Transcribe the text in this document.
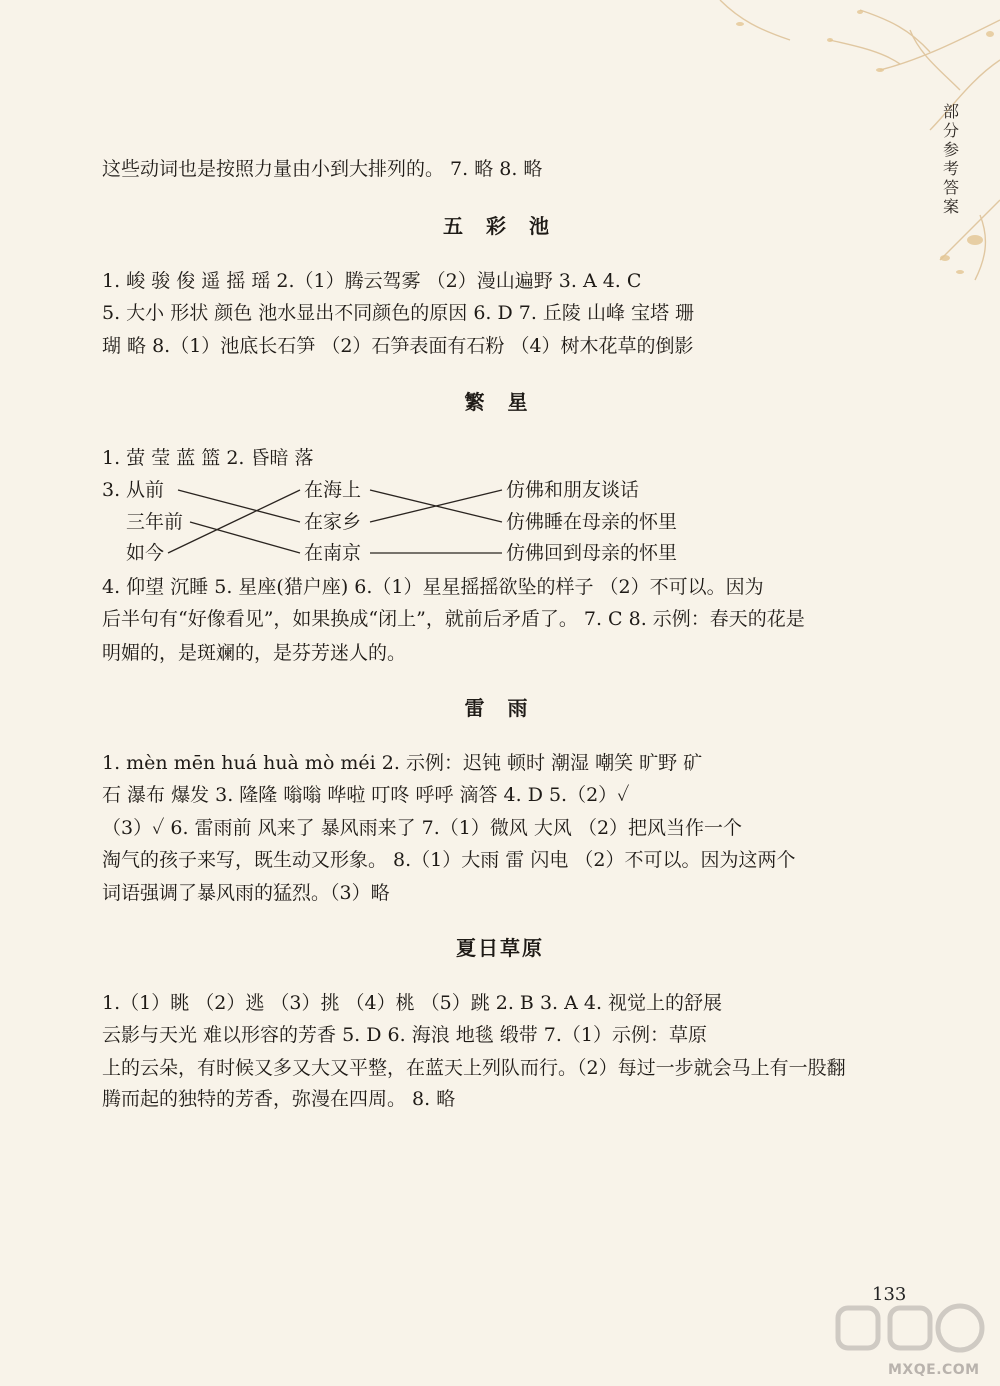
部
分
参
考
答
案
这些动词也是按照力量由小到大排列的。 7. 略 8. 略
五 彩 池
1. 峻 骏 俊 遥 摇 瑶 2.（1）腾云驾雾 （2）漫山遍野 3. A 4. C
5. 大小 形状 颜色 池水显出不同颜色的原因 6. D 7. 丘陵 山峰 宝塔 珊
瑚 略 8.（1）池底长石笋 （2）石笋表面有石粉 （4）树木花草的倒影
繁 星
1. 萤 莹 蓝 篮 2. 昏暗 落
3. 从前
三年前
如今
在海上
在家乡
在南京
仿佛和朋友谈话
仿佛睡在母亲的怀里
仿佛回到母亲的怀里
4. 仰望 沉睡 5. 星座(猎户座) 6.（1）星星摇摇欲坠的样子 （2）不可以。因为
后半句有“好像看见”，如果换成“闭上”，就前后矛盾了。 7. C 8. 示例：春天的花是
明媚的，是斑斓的，是芬芳迷人的。
雷 雨
1. mèn mēn huá huà mò méi 2. 示例：迟钝 顿时 潮湿 嘲笑 旷野 矿
石 瀑布 爆发 3. 隆隆 嗡嗡 哗啦 叮咚 呼呼 滴答 4. D 5.（2）✓
（3）✓ 6. 雷雨前 风来了 暴风雨来了 7.（1）微风 大风 （2）把风当作一个
淘气的孩子来写，既生动又形象。 8.（1）大雨 雷 闪电 （2）不可以。因为这两个
词语强调了暴风雨的猛烈。（3）略
夏日草原
1.（1）眺 （2）逃 （3）挑 （4）桃 （5）跳 2. B 3. A 4. 视觉上的舒展
云影与天光 难以形容的芳香 5. D 6. 海浪 地毯 缎带 7.（1）示例：草原
上的云朵，有时候又多又大又平整，在蓝天上列队而行。（2）每过一步就会马上有一股翻
腾而起的独特的芳香，弥漫在四周。 8. 略
133
MXQE.COM
